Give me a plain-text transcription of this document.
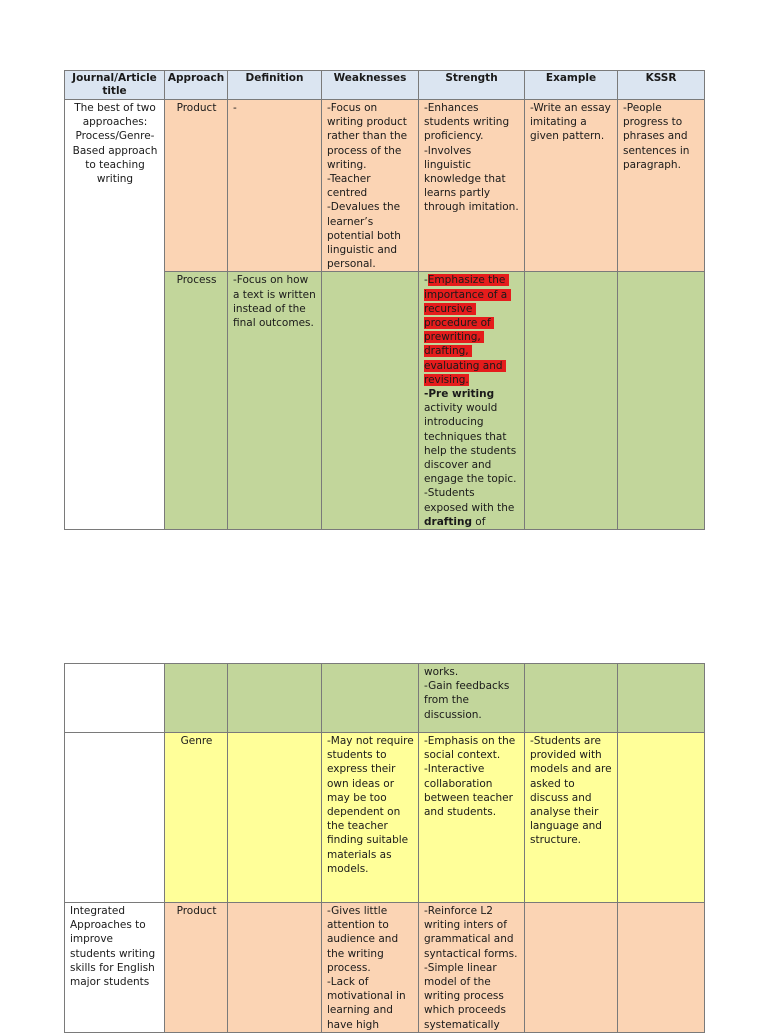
Journal/Article title	Approach	Definition	Weaknesses	Strength	Example	KSSR
The best of two approaches: Process/Genre-Based approach to teaching writing	Product	-	-Focus on writing product rather than the process of the writing.
-Teacher centred
-Devalues the learner’s potential both linguistic and personal.	-Enhances students writing proficiency.
-Involves linguistic knowledge that learns partly through imitation.	-Write an essay imitating a given pattern.	-People progress to phrases and sentences in paragraph.
	Process	-Focus on how a text is written instead of the final outcomes.		-Emphasize the importance of a recursive procedure of prewriting, drafting, evaluating and revising.
-Pre writing activity would introducing techniques that help the students discover and engage the topic.
-Students exposed with the drafting of		
				works.
-Gain feedbacks from the discussion.		
	Genre		-May not require students to express their own ideas or may be too dependent on the teacher finding suitable materials as models.	-Emphasis on the social context.
-Interactive collaboration between teacher and students.	-Students are provided with models and are asked to discuss and analyse their language and structure.	
Integrated Approaches to improve students writing skills for English major students	Product		-Gives little attention to audience and the writing process.
-Lack of motivational in learning and have high	-Reinforce L2 writing inters of grammatical and syntactical forms.
-Simple linear model of the writing process which proceeds systematically		
